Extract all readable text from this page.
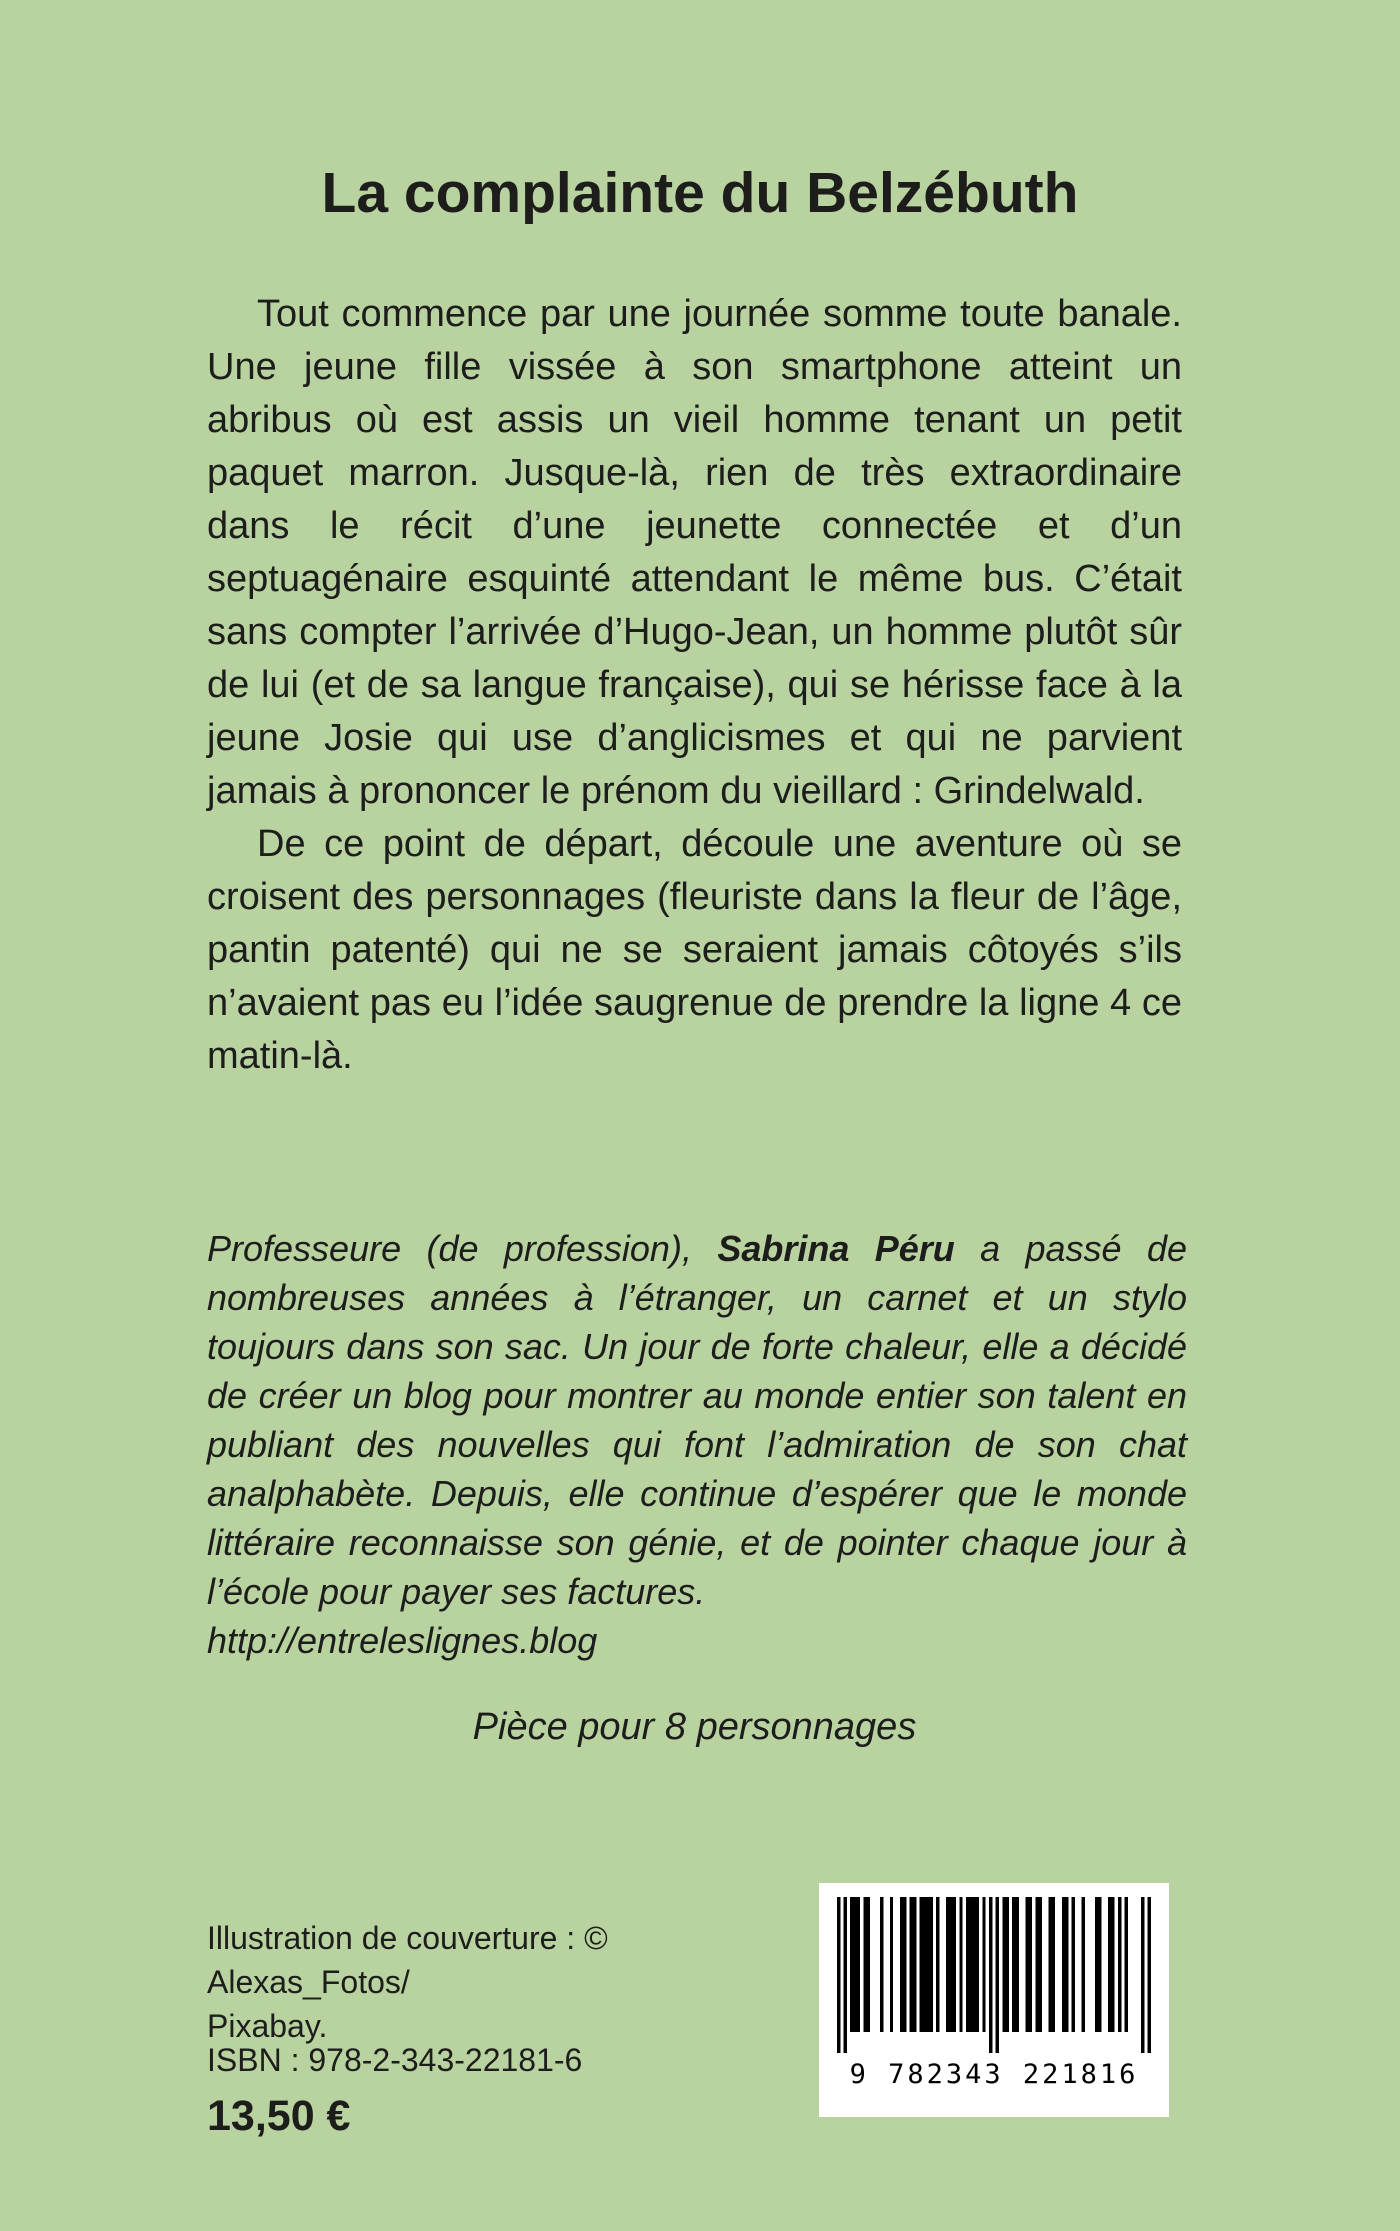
La complainte du Belzébuth

Tout commence par une journée somme toute banale. Une jeune fille vissée à son smartphone atteint un abribus où est assis un vieil homme tenant un petit paquet marron. Jusque-là, rien de très extraordinaire dans le récit d’une jeunette connectée et d’un septuagénaire esquinté attendant le même bus. C’était sans compter l’arrivée d’Hugo-Jean, un homme plutôt sûr de lui (et de sa langue française), qui se hérisse face à la jeune Josie qui use d’anglicismes et qui ne parvient jamais à prononcer le prénom du vieillard : Grindelwald.

De ce point de départ, découle une aventure où se croisent des personnages (fleuriste dans la fleur de l’âge, pantin patenté) qui ne se seraient jamais côtoyés s’ils n’avaient pas eu l’idée saugrenue de prendre la ligne 4 ce matin-là.

Professeure (de profession), Sabrina Péru a passé de nombreuses années à l’étranger, un carnet et un stylo toujours dans son sac. Un jour de forte chaleur, elle a décidé de créer un blog pour montrer au monde entier son talent en publiant des nouvelles qui font l’admiration de son chat analphabète. Depuis, elle continue d’espérer que le monde littéraire reconnaisse son génie, et de pointer chaque jour à l’école pour payer ses factures.

http://entreleslignes.blog

Pièce pour 8 personnages
Illustration de couverture : © Alexas_Fotos/
Pixabay.
ISBN : 978-2-343-22181-6
13,50 €
9 782343 221816
